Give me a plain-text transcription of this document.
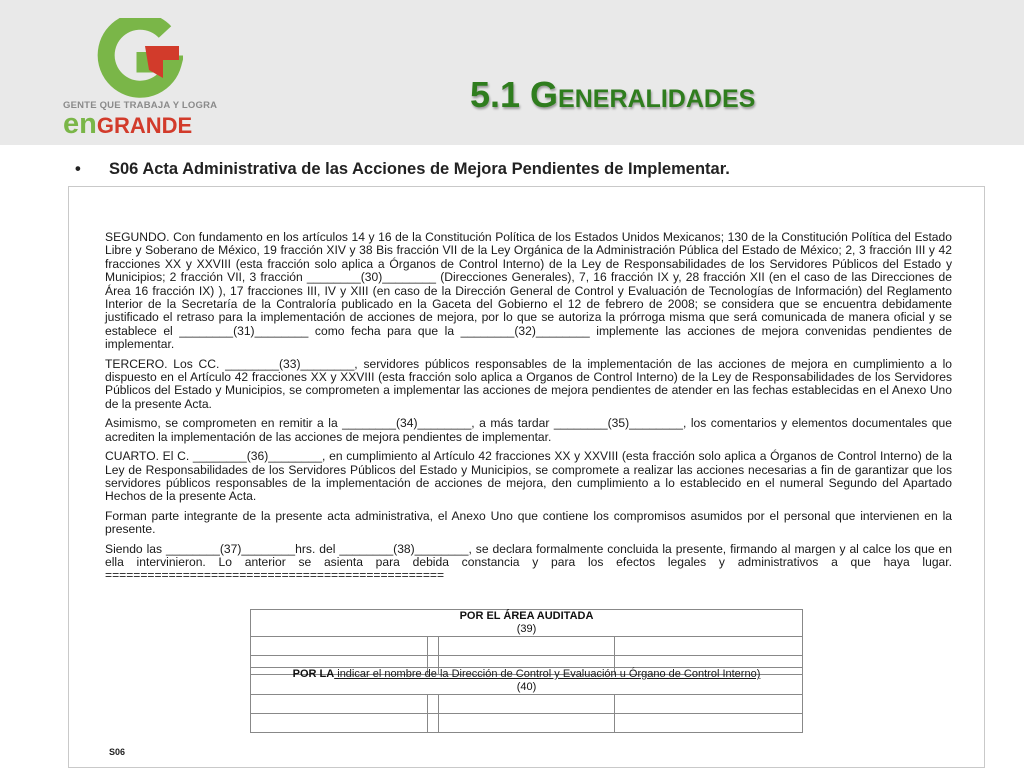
GENTE QUE TRABAJA Y LOGRA
enGRANDE
5.1 Generalidades
• S06 Acta Administrativa de las Acciones de Mejora Pendientes de Implementar.

SEGUNDO. Con fundamento en los artículos 14 y 16 de la Constitución Política de los Estados Unidos Mexicanos; 130 de la Constitución Política del Estado Libre y Soberano de México, 19 fracción XIV y 38 Bis fracción VII de la Ley Orgánica de la Administración Pública del Estado de México; 2, 3 fracción III y 42 fracciones XX y XXVIII (esta fracción solo aplica a Órganos de Control Interno) de la Ley de Responsabilidades de los Servidores Públicos del Estado y Municipios; 2 fracción VII, 3 fracción ________(30)________ (Direcciones Generales), 7, 16 fracción IX y, 28 fracción XII (en el caso de las Direcciones de Área 16 fracción IX) ), 17 fracciones III, IV y XIII (en caso de la Dirección General de Control y Evaluación de Tecnologías de Información) del Reglamento Interior de la Secretaría de la Contraloría publicado en la Gaceta del Gobierno el 12 de febrero de 2008; se considera que se encuentra debidamente justificado el retraso para la implementación de acciones de mejora, por lo que se autoriza la prórroga misma que será comunicada de manera oficial y se establece el ________(31)________ como fecha para que la ________(32)________ implemente las acciones de mejora convenidas pendientes de implementar.

TERCERO. Los CC. ________(33)________, servidores públicos responsables de la implementación de las acciones de mejora en cumplimiento a lo dispuesto en el Artículo 42 fracciones XX y XXVIII (esta fracción solo aplica a Organos de Control Interno) de la Ley de Responsabilidades de los Servidores Públicos del Estado y Municipios, se comprometen a implementar las acciones de mejora pendientes de atender en las fechas establecidas en el Anexo Uno de la presente Acta.

Asimismo, se comprometen en remitir a la ________(34)________, a más tardar ________(35)________, los comentarios y elementos documentales que acrediten la implementación de las acciones de mejora pendientes de implementar.

CUARTO. El C. ________(36)________, en cumplimiento al Artículo 42 fracciones XX y XXVIII (esta fracción solo aplica a Órganos de Control Interno) de la Ley de Responsabilidades de los Servidores Públicos del Estado y Municipios, se compromete a realizar las acciones necesarias a fin de garantizar que los servidores públicos responsables de la implementación de acciones de mejora, den cumplimiento a lo establecido en el numeral Segundo del Apartado Hechos de la presente Acta.

Forman parte integrante de la presente acta administrativa, el Anexo Uno que contiene los compromisos asumidos por el personal que intervienen en la presente.

Siendo las ________(37)________hrs. del ________(38)________, se declara formalmente concluida la presente, firmando al margen y al calce los que en ella intervinieron. Lo anterior se asienta para debida constancia y para los efectos legales y administrativos a que haya lugar. ================================================

POR EL ÁREA AUDITADA
(39)			

POR LA indicar el nombre de la Dirección de Control y Evaluación u Órgano de Control Interno)
(40)			

S06
